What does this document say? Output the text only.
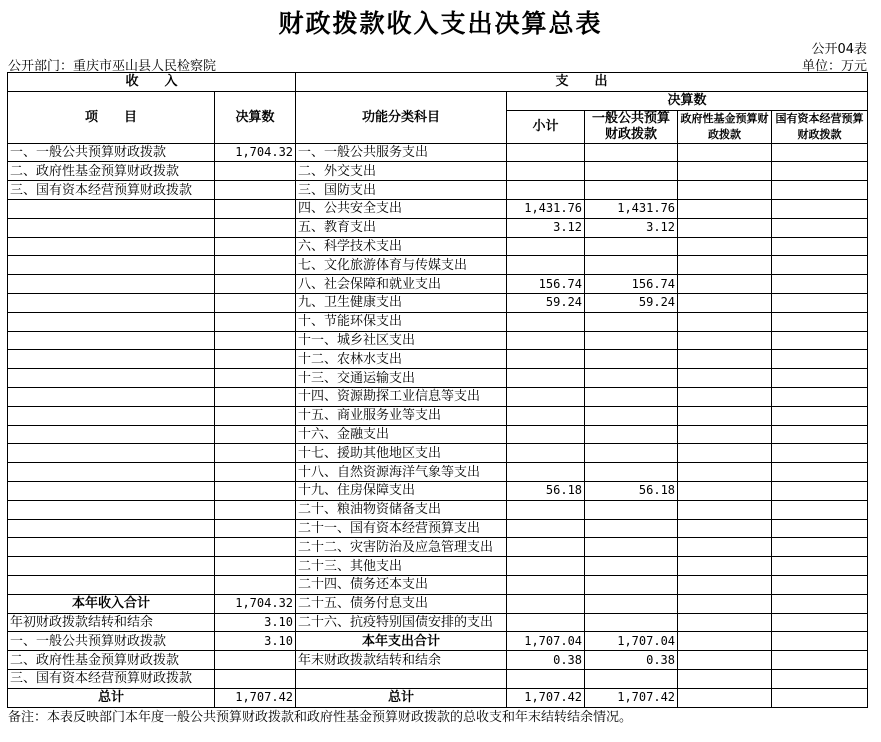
财政拨款收入支出决算总表
公开04表
公开部门：重庆市巫山县人民检察院	单位：万元
收　　入		支　　出				
项　　目	决算数	功能分类科目	决算数			
			小计	一般公共预算财政拨款	政府性基金预算财政拨款	国有资本经营预算财政拨款

一、一般公共预算财政拨款	1,704.32	一、一般公共服务支出				
二、政府性基金预算财政拨款		二、外交支出				
三、国有资本经营预算财政拨款		三、国防支出				
		四、公共安全支出	1,431.76	1,431.76		
		五、教育支出	3.12	3.12		
		六、科学技术支出				
		七、文化旅游体育与传媒支出				
		八、社会保障和就业支出	156.74	156.74		
		九、卫生健康支出	59.24	59.24		
		十、节能环保支出				
		十一、城乡社区支出				
		十二、农林水支出				
		十三、交通运输支出				
		十四、资源勘探工业信息等支出				
		十五、商业服务业等支出				
		十六、金融支出				
		十七、援助其他地区支出				
		十八、自然资源海洋气象等支出				
		十九、住房保障支出	56.18	56.18		
		二十、粮油物资储备支出				
		二十一、国有资本经营预算支出				
		二十二、灾害防治及应急管理支出				
		二十三、其他支出				
		二十四、债务还本支出				
本年收入合计	1,704.32	二十五、债务付息支出				
年初财政拨款结转和结余	3.10	二十六、抗疫特别国债安排的支出				
一、一般公共预算财政拨款	3.10	本年支出合计	1,707.04	1,707.04		
二、政府性基金预算财政拨款		年末财政拨款结转和结余	0.38	0.38		
三、国有资本经营预算财政拨款						
总计	1,707.42	总计	1,707.42	1,707.42		
备注：本表反映部门本年度一般公共预算财政拨款和政府性基金预算财政拨款的总收支和年末结转结余情况。
